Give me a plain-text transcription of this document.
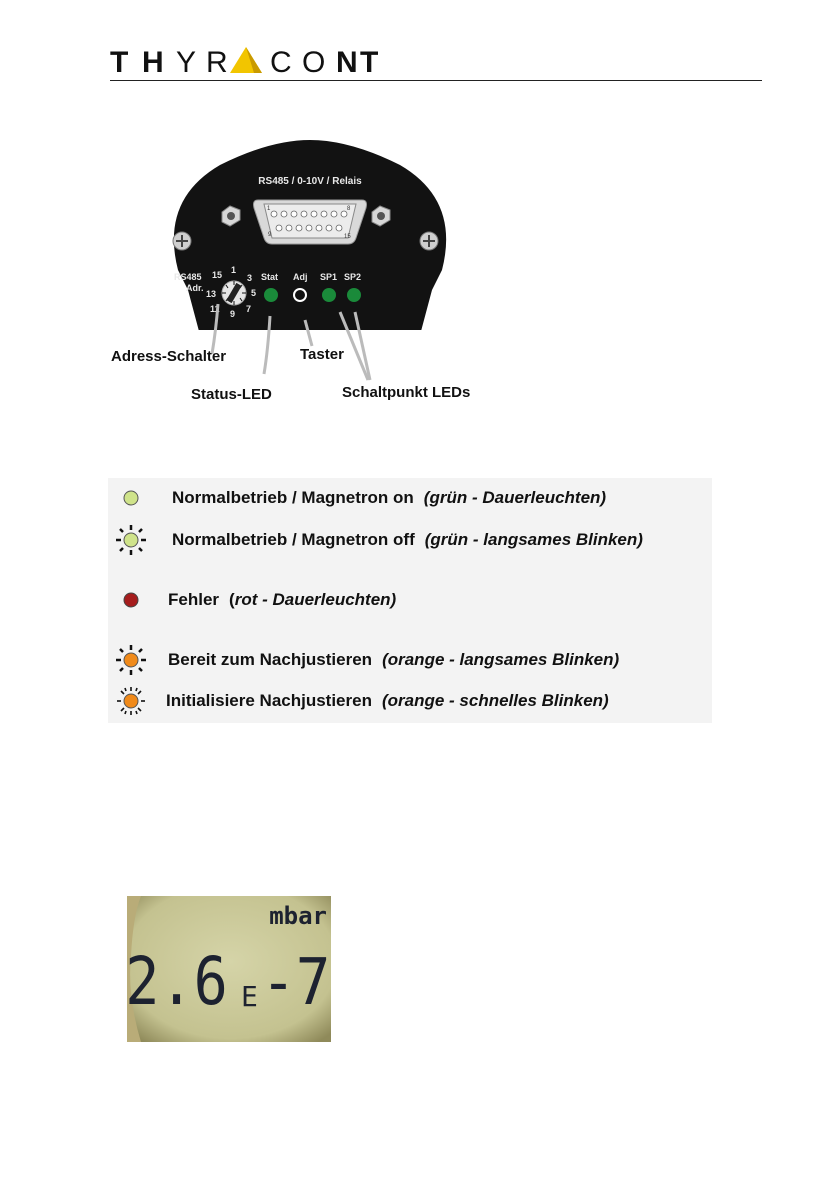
T H Y R C O N T
RS485 / 0-10V / Relais
1	8
9	15
RS485
Adr.
15 1
3
5
7
9
11
13
Stat Adj SP1 SP2
Adress-Schalter	Taster
Status-LED	Schaltpunkt LEDs
Normalbetrieb / Magnetron on (grün - Dauerleuchten)
Normalbetrieb / Magnetron off (grün - langsames Blinken)
Fehler ( rot - Dauerleuchten)
Bereit zum Nachjustieren (orange - langsames Blinken)
Initialisiere Nachjustieren (orange - schnelles Blinken)
mbar
2.6 E -7
